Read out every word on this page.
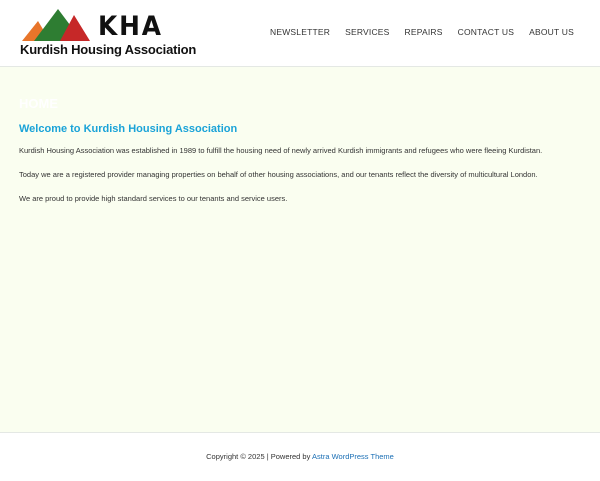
KHA
Kurdish Housing Association
NEWSLETTER SERVICES REPAIRS CONTACT US ABOUT US
HOME
Welcome to Kurdish Housing Association
Kurdish Housing Association was established in 1989 to fulfill the housing need of newly arrived Kurdish immigrants and refugees who were fleeing Kurdistan.
Today we are a registered provider managing properties on behalf of other housing associations, and our tenants reflect the diversity of multicultural London.
We are proud to provide high standard services to our tenants and service users.
Copyright © 2025 | Powered by Astra WordPress Theme
